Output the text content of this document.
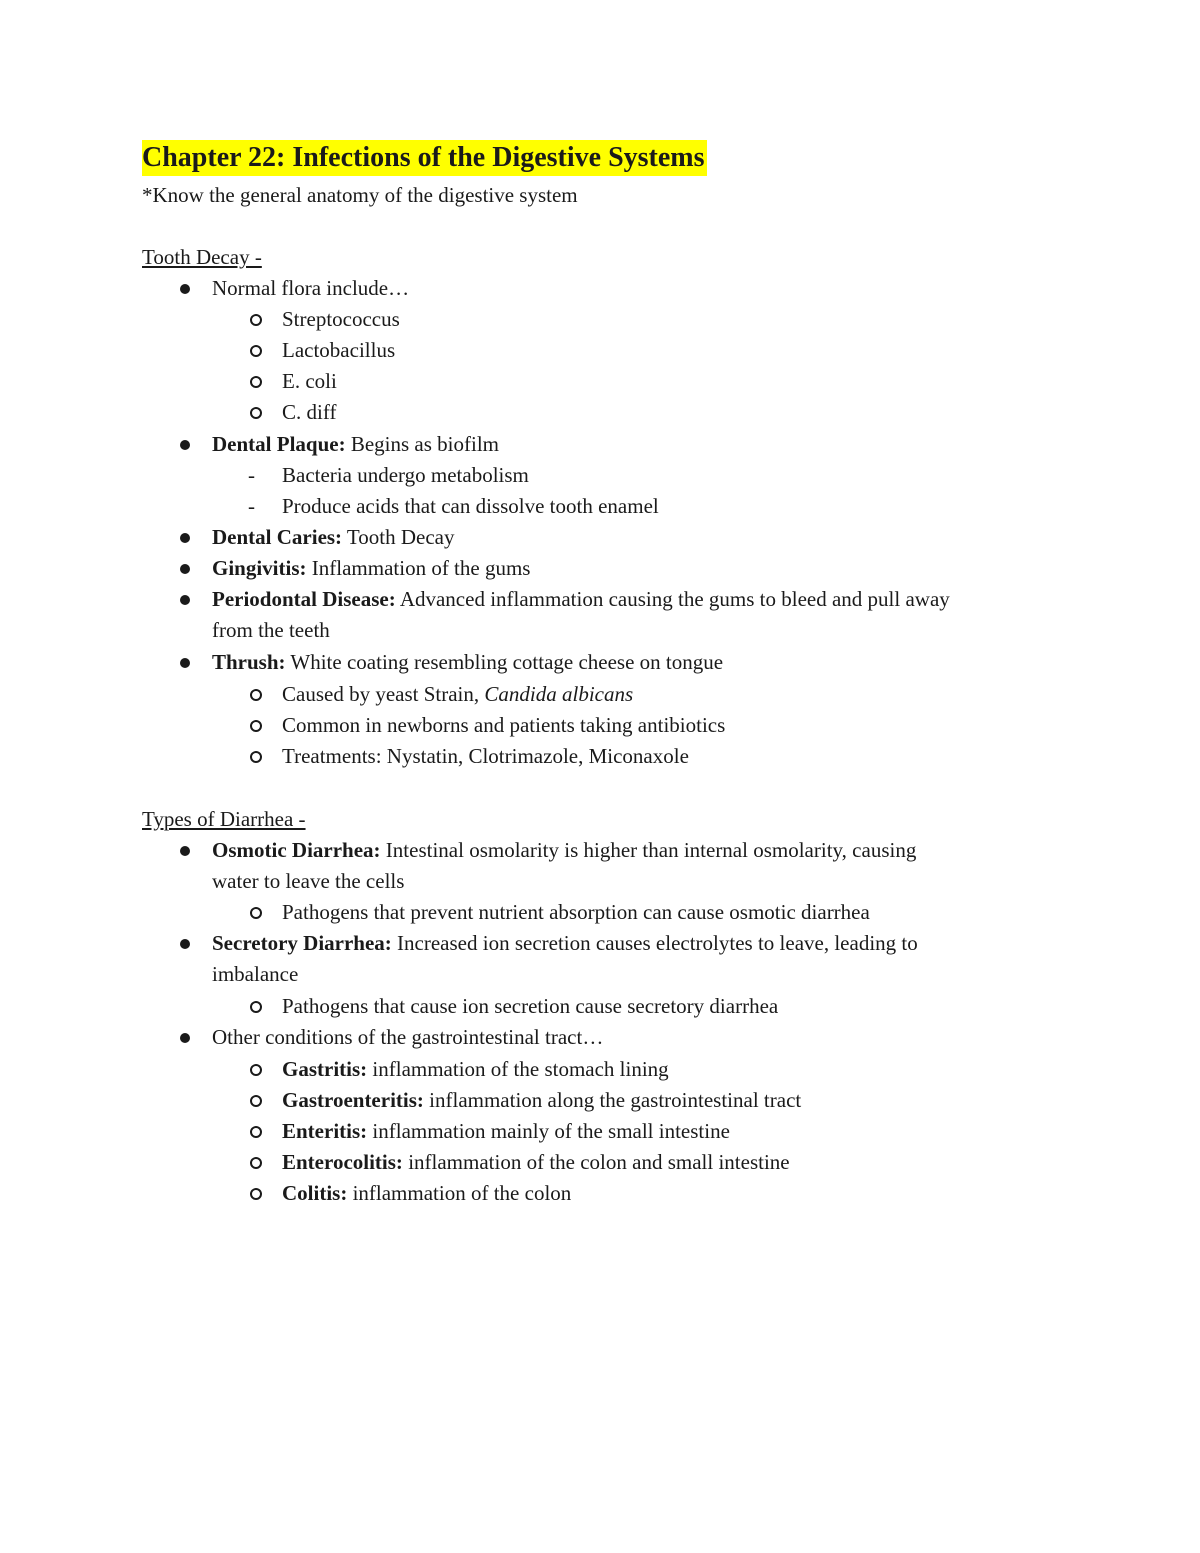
Chapter 22: Infections of the Digestive Systems
*Know the general anatomy of the digestive system
Tooth Decay -
Normal flora include…
Streptococcus
Lactobacillus
E. coli
C. diff
Dental Plaque: Begins as biofilm
- Bacteria undergo metabolism
- Produce acids that can dissolve tooth enamel
Dental Caries: Tooth Decay
Gingivitis: Inflammation of the gums
Periodontal Disease: Advanced inflammation causing the gums to bleed and pull away
from the teeth
Thrush: White coating resembling cottage cheese on tongue
Caused by yeast Strain, Candida albicans
Common in newborns and patients taking antibiotics
Treatments: Nystatin, Clotrimazole, Miconaxole
Types of Diarrhea -
Osmotic Diarrhea: Intestinal osmolarity is higher than internal osmolarity, causing
water to leave the cells
Pathogens that prevent nutrient absorption can cause osmotic diarrhea
Secretory Diarrhea: Increased ion secretion causes electrolytes to leave, leading to
imbalance
Pathogens that cause ion secretion cause secretory diarrhea
Other conditions of the gastrointestinal tract…
Gastritis: inflammation of the stomach lining
Gastroenteritis: inflammation along the gastrointestinal tract
Enteritis: inflammation mainly of the small intestine
Enterocolitis: inflammation of the colon and small intestine
Colitis: inflammation of the colon
